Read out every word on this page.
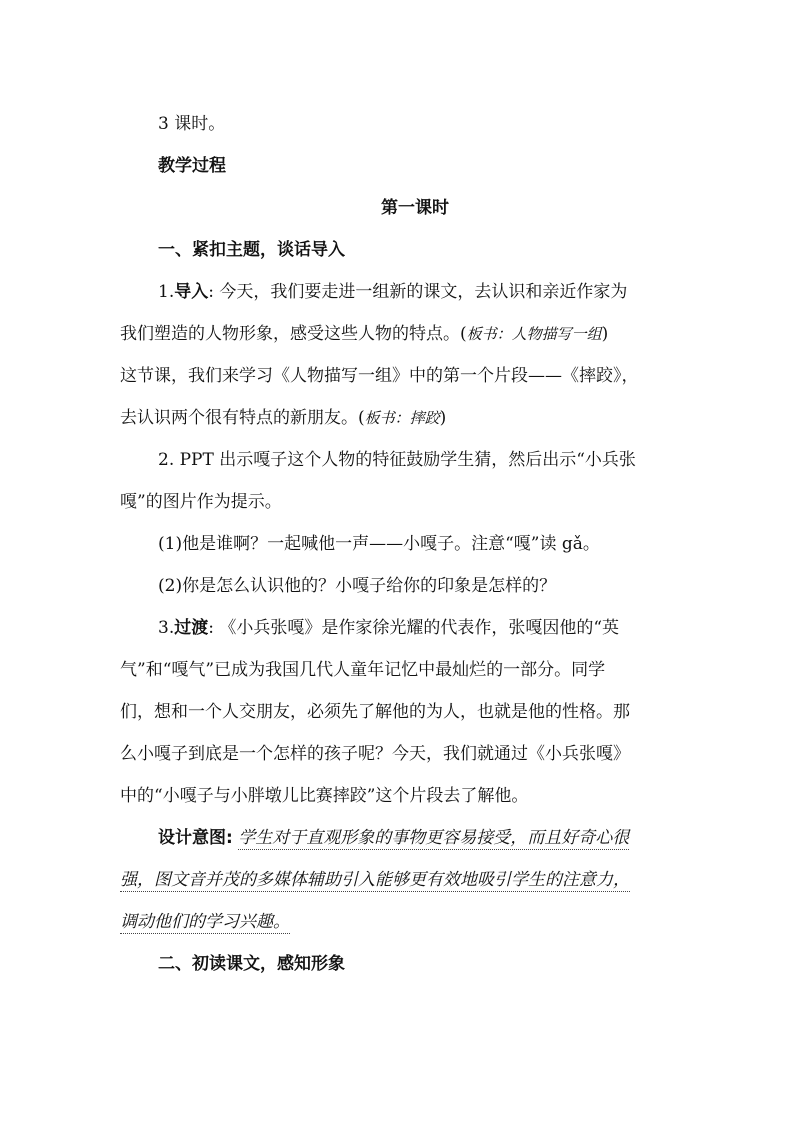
3 课时。
教学过程
第一课时
一、紧扣主题，谈话导入
1.导入: 今天，我们要走进一组新的课文，去认识和亲近作家为
我们塑造的人物形象，感受这些人物的特点。(板书：人物描写一组)
这节课，我们来学习《人物描写一组》中的第一个片段——《摔跤》，
去认识两个很有特点的新朋友。(板书：摔跤)
2. PPT 出示嘎子这个人物的特征鼓励学生猜，然后出示“小兵张
嘎”的图片作为提示。
(1)他是谁啊？一起喊他一声——小嘎子。注意“嘎”读 gǎ。
(2)你是怎么认识他的？小嘎子给你的印象是怎样的？
3.过渡: 《小兵张嘎》是作家徐光耀的代表作，张嘎因他的“英
气”和“嘎气”已成为我国几代人童年记忆中最灿烂的一部分。同学
们，想和一个人交朋友，必须先了解他的为人，也就是他的性格。那
么小嘎子到底是一个怎样的孩子呢？今天，我们就通过《小兵张嘎》
中的“小嘎子与小胖墩儿比赛摔跤”这个片段去了解他。
设计意图: 学生对于直观形象的事物更容易接受，而且好奇心很
强，图文音并茂的多媒体辅助引入能够更有效地吸引学生的注意力，
调动他们的学习兴趣。
二、初读课文，感知形象
